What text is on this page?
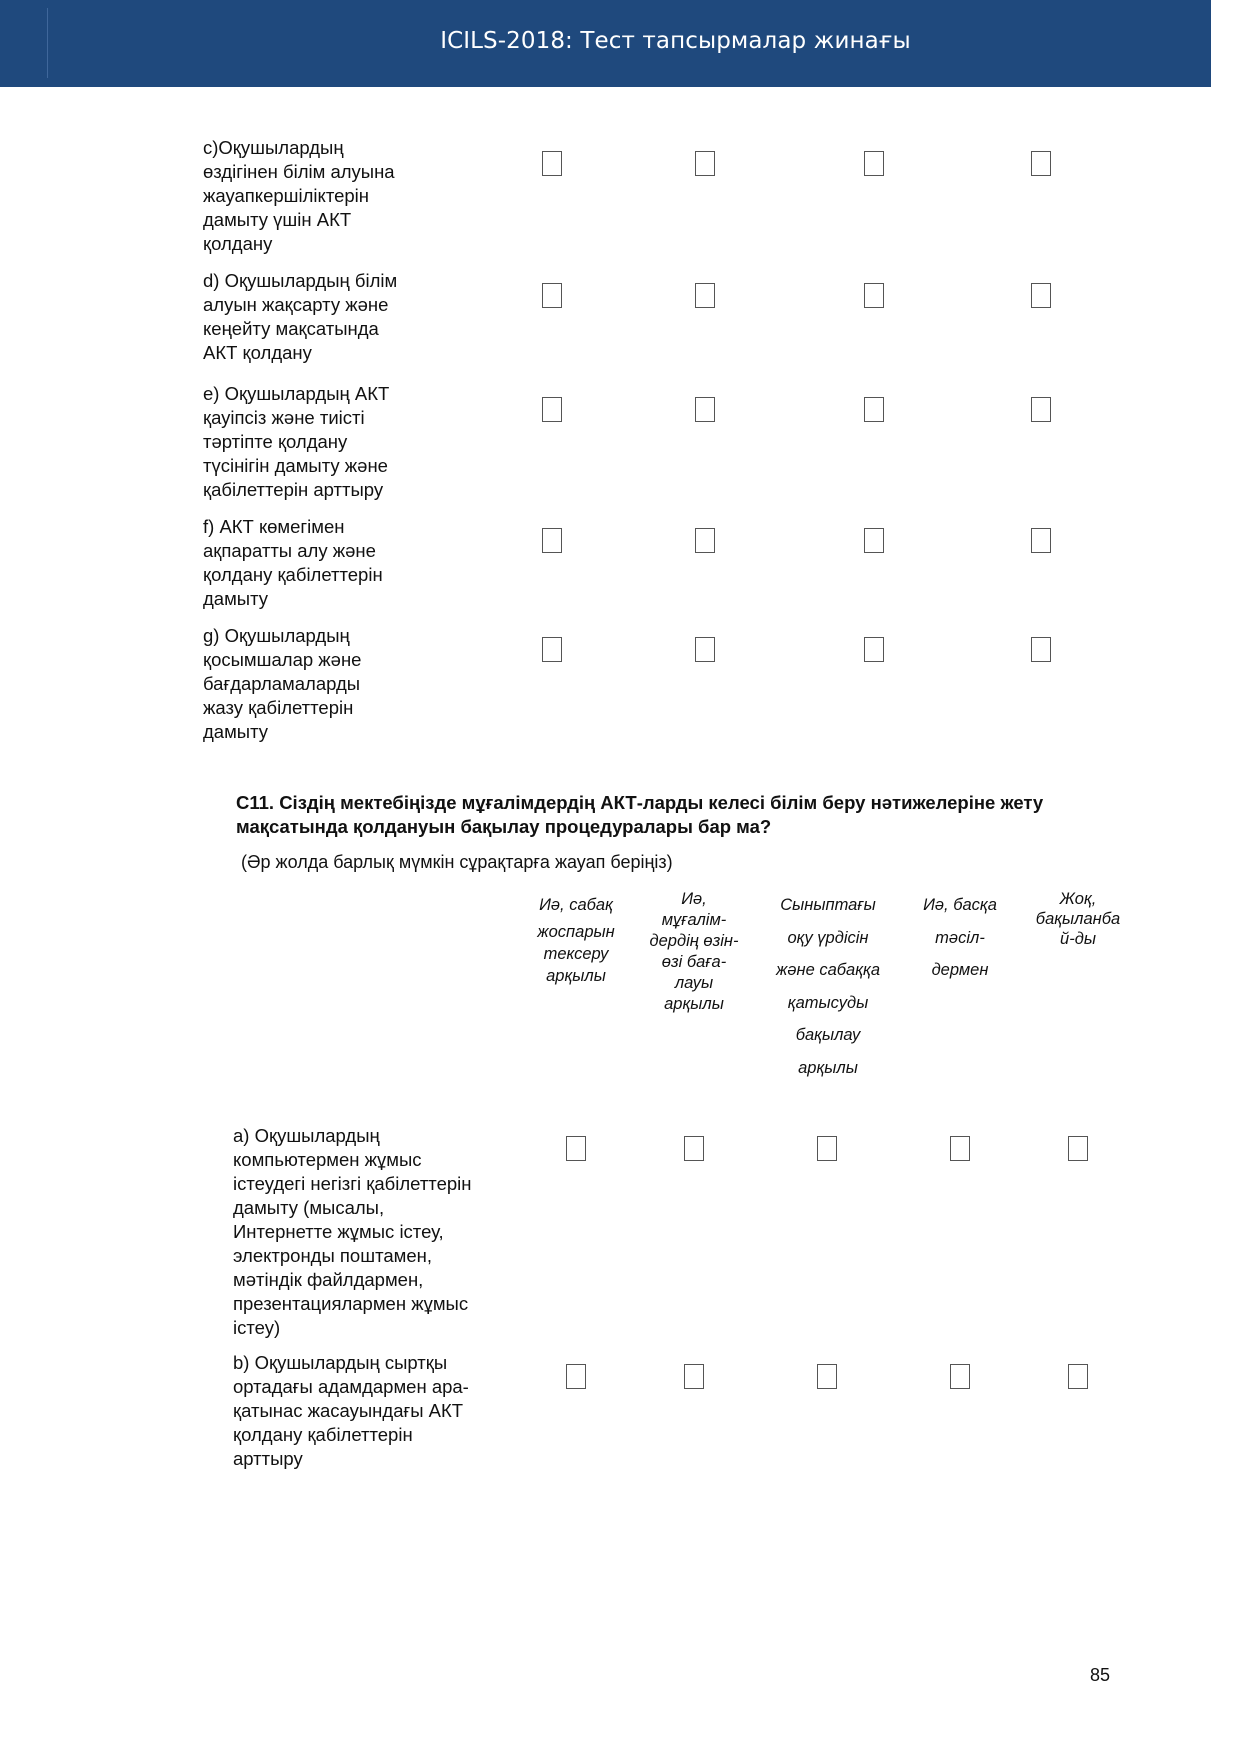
ICILS-2018: Тест тапсырмалар жинағы
c)Оқушылардың
өздігінен білім алуына
жауапкершіліктерін
дамыту үшін АКТ
қолдану
d) Оқушылардың білім
алуын жақсарту және
кеңейту мақсатында
АКТ қолдану
e) Оқушылардың АКТ
қауіпсіз және тиісті
тәртіпте қолдану
түсінігін дамыту және
қабілеттерін арттыру
f) АКТ көмегімен
ақпаратты алу және
қолдану қабілеттерін
дамыту
g) Оқушылардың
қосымшалар және
бағдарламаларды
жазу қабілеттерін
дамыту
C11. Сіздің мектебіңізде мұғалімдердің АКТ-ларды келесі білім беру нәтижелеріне жету мақсатында қолдануын бақылау процедуралары бар ма?
(Әр жолда барлық мүмкін сұрақтарға жауап беріңіз)
Иә, сабақ
жоспарын
тексеру
арқылы
Иә,
мұғалім-
дердің өзін-
өзі баға-
лауы
арқылы
Сыныптағы
оқу үрдісін
және сабаққа
қатысуды
бақылау
арқылы
Иә, басқа
тәсіл-
дермен
Жоқ,
бақыланба
й-ды
a) Оқушылардың
компьютермен жұмыс
істеудегі негізгі қабілеттерін
дамыту (мысалы,
Интернетте жұмыс істеу,
электронды поштамен,
мәтіндік файлдармен,
презентациялармен жұмыс
істеу)
b) Оқушылардың сыртқы
ортадағы адамдармен ара-
қатынас жасауындағы АКТ
қолдану қабілеттерін
арттыру
85
